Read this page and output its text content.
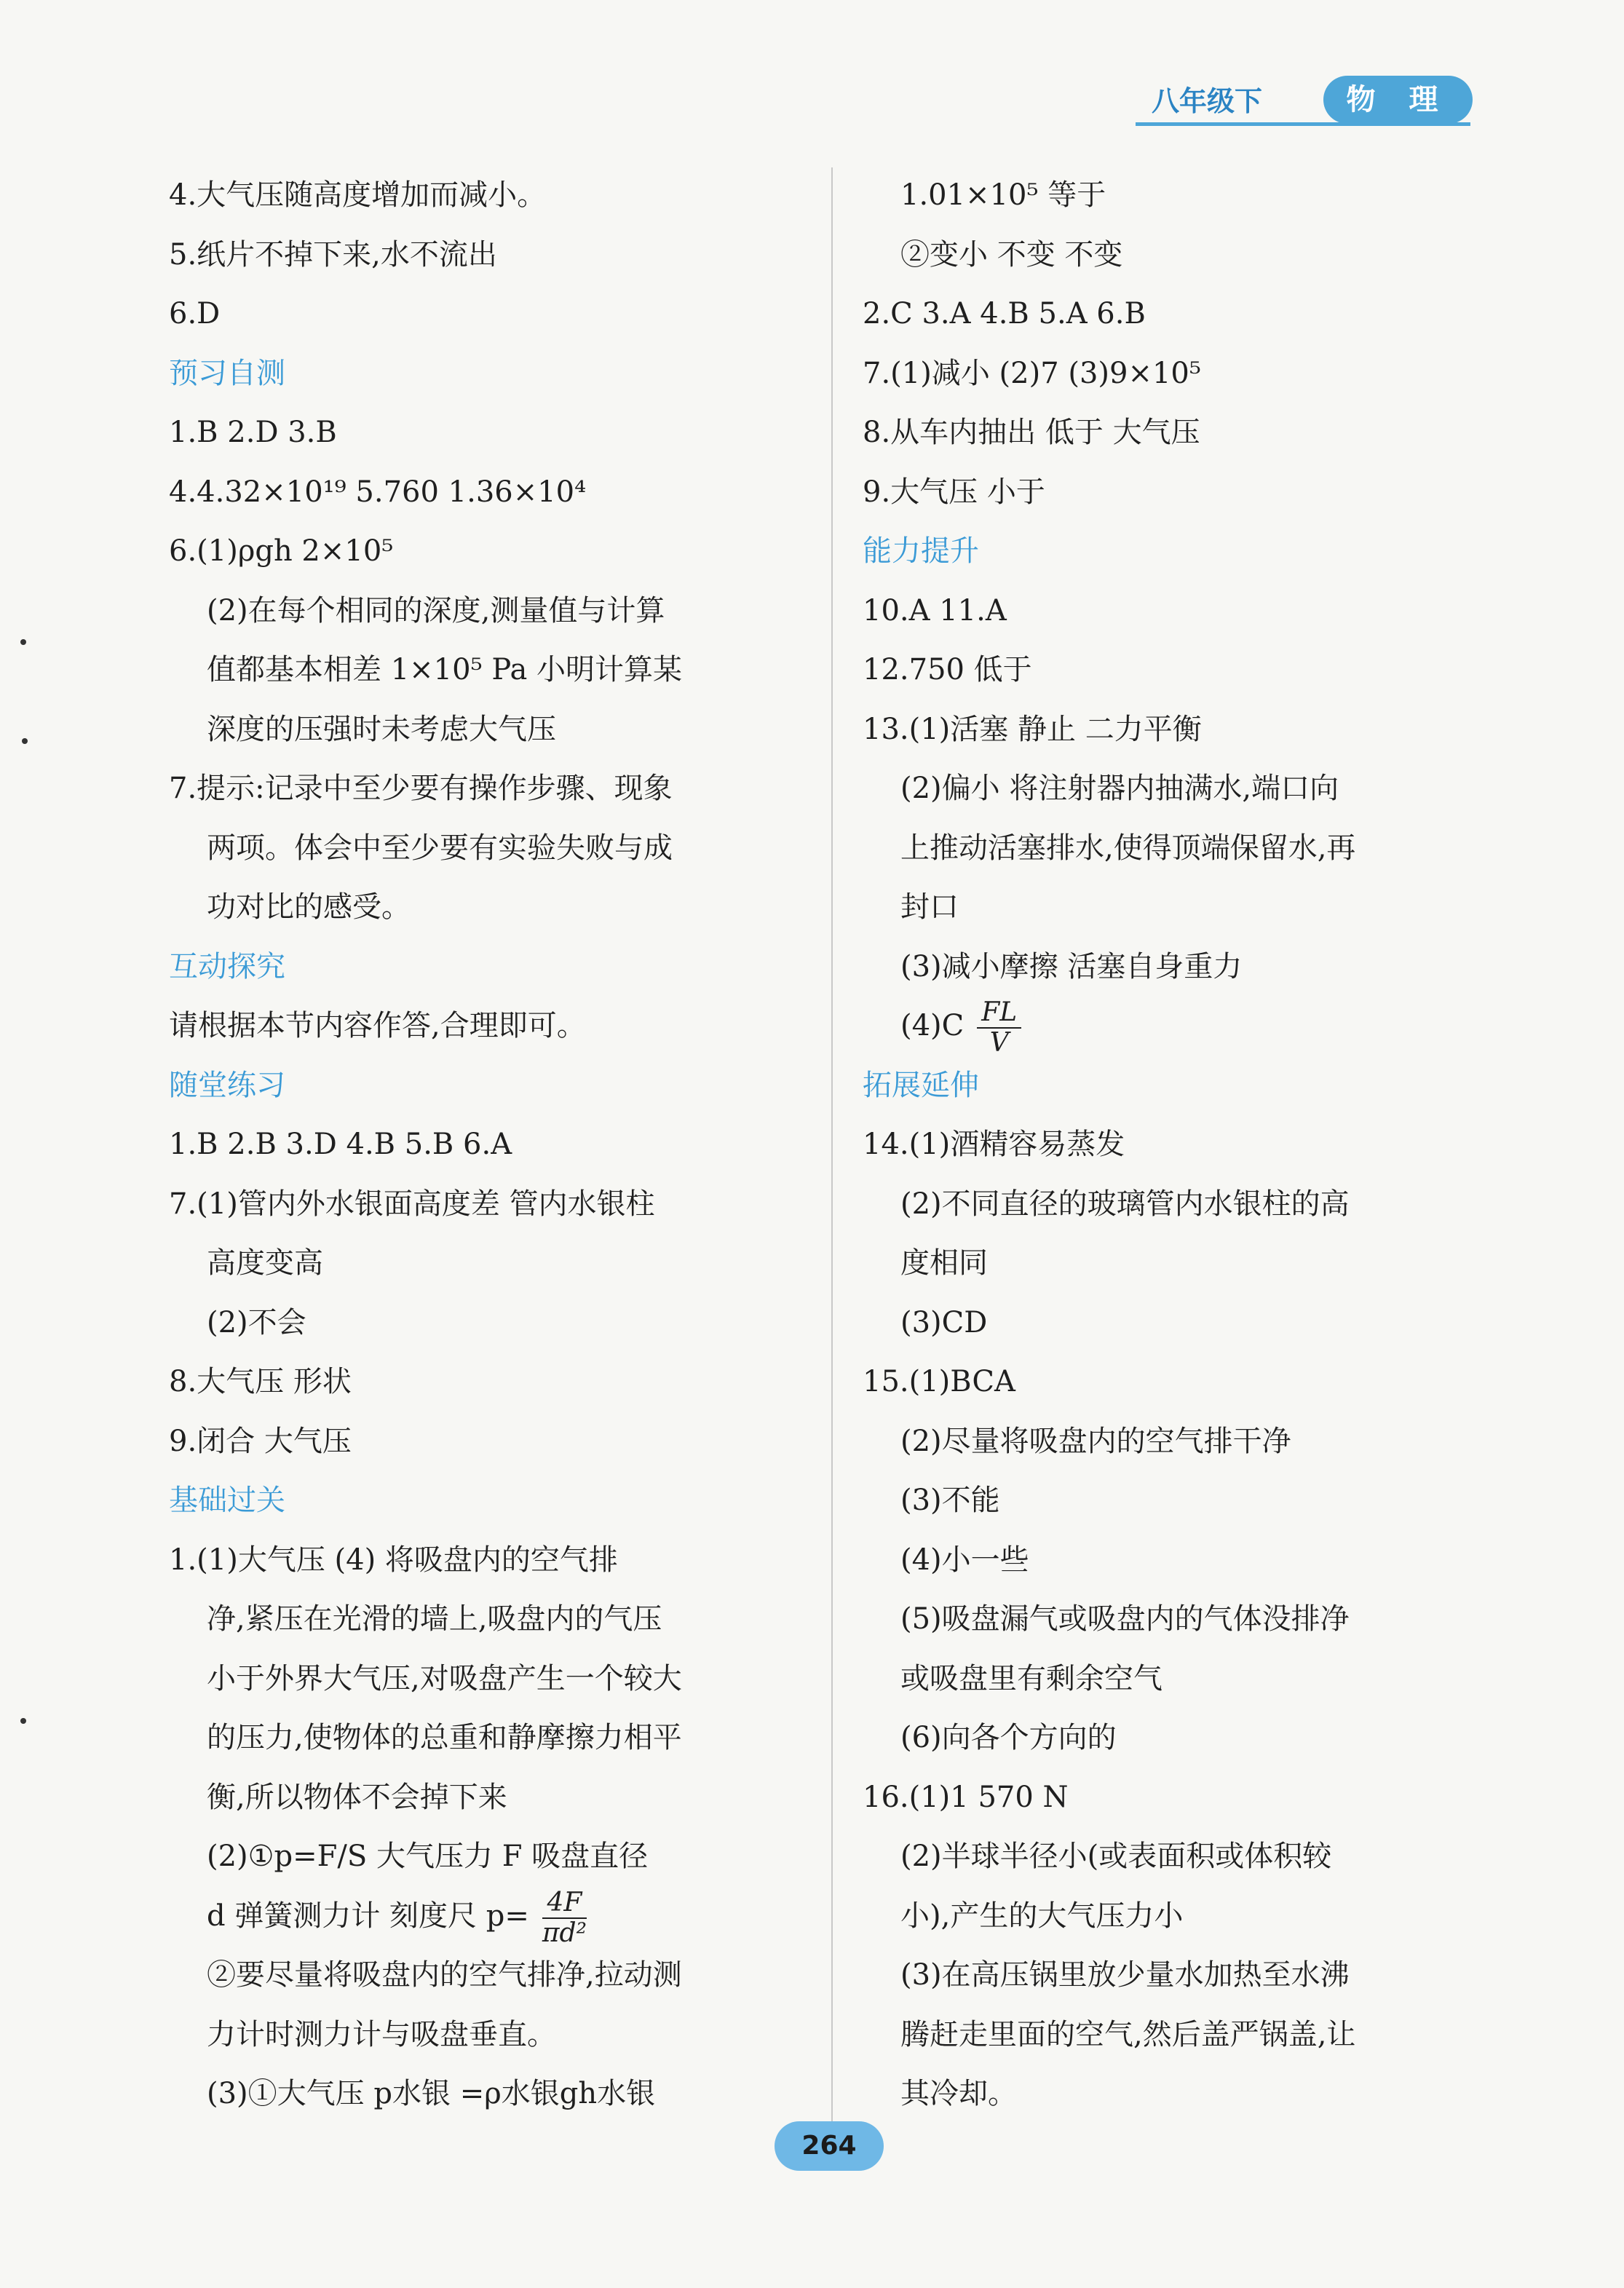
八年级下	物 理
4.大气压随高度增加而减小。
5.纸片不掉下来,水不流出
6.D
预习自测
1.B 2.D 3.B
4.4.32×10¹⁹ 5.760 1.36×10⁴
6.(1)ρgh 2×10⁵
(2)在每个相同的深度,测量值与计算
值都基本相差 1×10⁵ Pa 小明计算某
深度的压强时未考虑大气压
7.提示:记录中至少要有操作步骤、现象
两项。体会中至少要有实验失败与成
功对比的感受。
互动探究
请根据本节内容作答,合理即可。
随堂练习
1.B 2.B 3.D 4.B 5.B 6.A
7.(1)管内外水银面高度差 管内水银柱
高度变高
(2)不会
8.大气压 形状
9.闭合 大气压
基础过关
1.(1)大气压 (4) 将吸盘内的空气排
净,紧压在光滑的墙上,吸盘内的气压
小于外界大气压,对吸盘产生一个较大
的压力,使物体的总重和静摩擦力相平
衡,所以物体不会掉下来
(2)①p=F/S 大气压力 F 吸盘直径
d 弹簧测力计 刻度尺 $p= \frac{4F}{\text{πd²}}$
②要尽量将吸盘内的空气排净,拉动测
力计时测力计与吸盘垂直。
(3)①大气压 p水银 =ρ水银gh水银
1.01×10⁵ 等于
②变小 不变 不变
2.C 3.A 4.B 5.A 6.B
7.(1)减小 (2)7 (3)9×10⁵
8.从车内抽出 低于 大气压
9.大气压 小于
能力提升
10.A 11.A
12.750 低于
13.(1)活塞 静止 二力平衡
(2)偏小 将注射器内抽满水,端口向
上推动活塞排水,使得顶端保留水,再
封口
(3)减小摩擦 活塞自身重力
$(4)C \frac{FL}{V}$
拓展延伸
14.(1)酒精容易蒸发
(2)不同直径的玻璃管内水银柱的高
度相同
(3)CD
15.(1)BCA
(2)尽量将吸盘内的空气排干净
(3)不能
(4)小一些
(5)吸盘漏气或吸盘内的气体没排净
或吸盘里有剩余空气
(6)向各个方向的
16.(1)1 570 N
(2)半球半径小(或表面积或体积较
小),产生的大气压力小
(3)在高压锅里放少量水加热至水沸
腾赶走里面的空气,然后盖严锅盖,让
其冷却。
264
